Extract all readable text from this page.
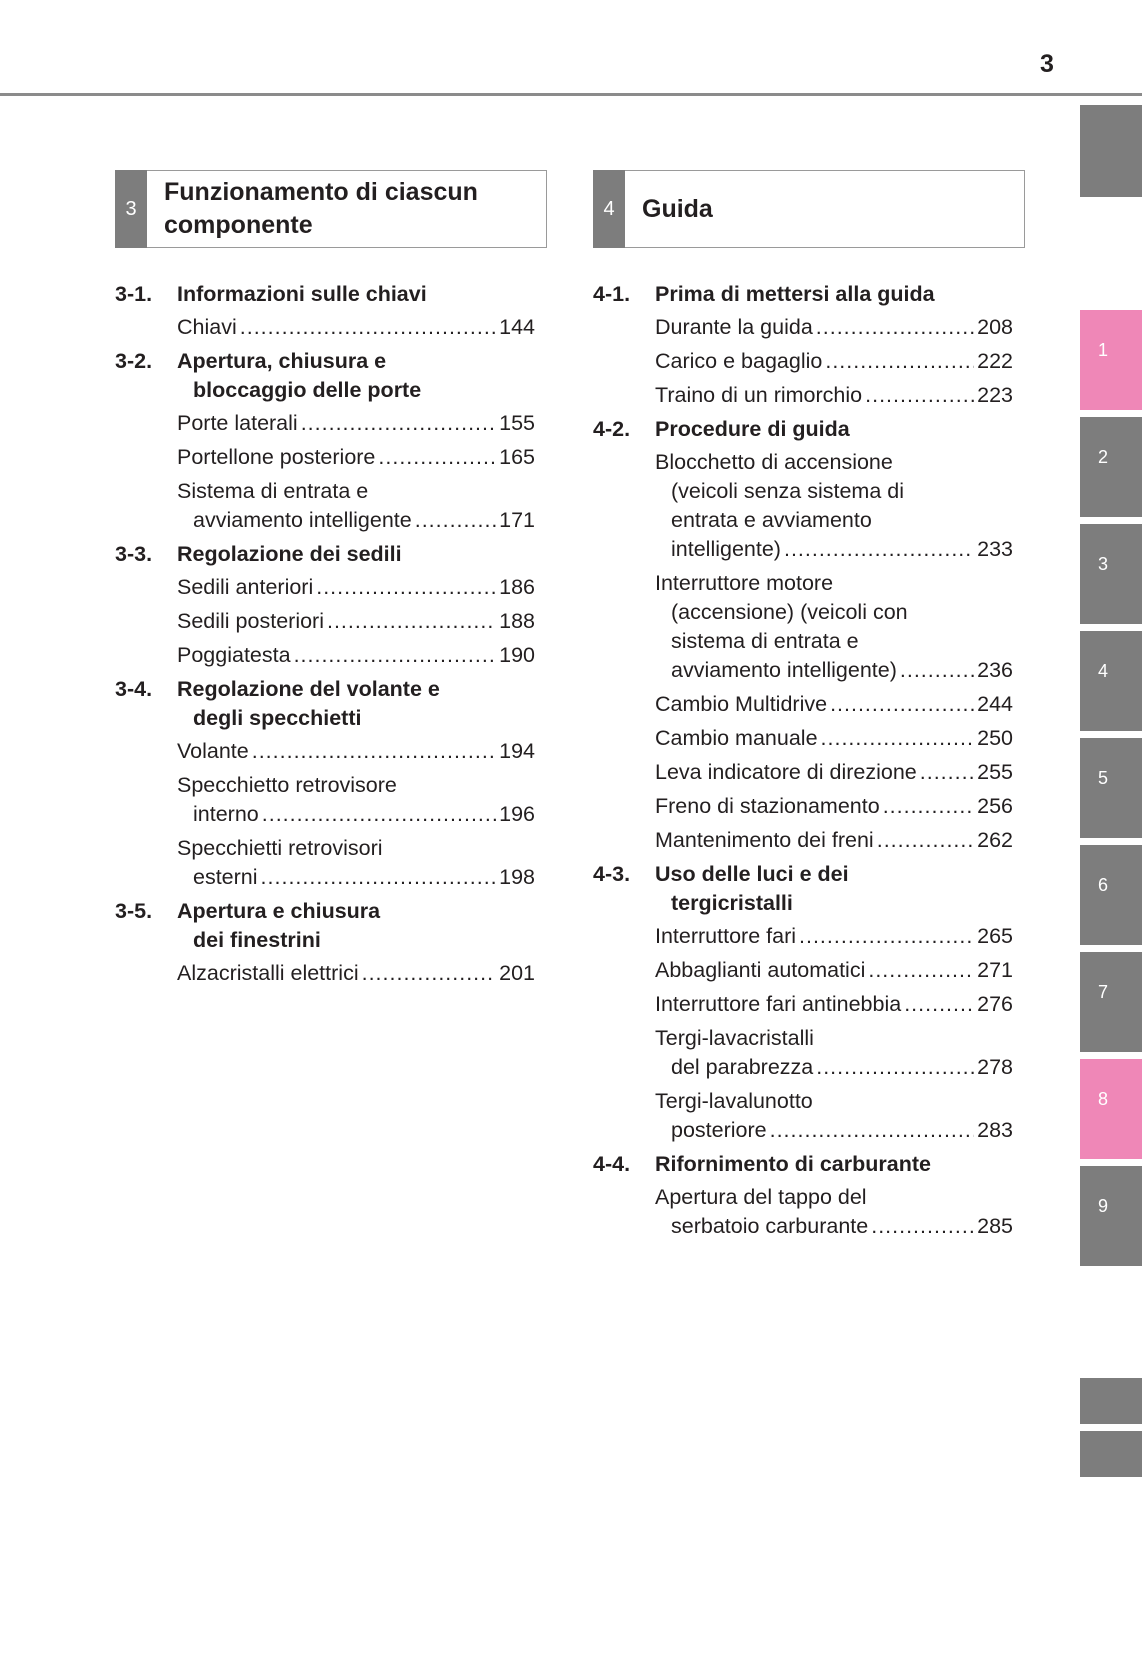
3
3
Funzionamento di ciascun componente
4	Guida
3-1. Informazioni sulle chiavi
Chiavi .....	144
3-2. Apertura, chiusura e
bloccaggio delle porte
Porte laterali .....	155
Portellone posteriore .....	165
Sistema di entrata e
avviamento intelligente .....	171
3-3. Regolazione dei sedili
Sedili anteriori .....	186
Sedili posteriori .....	188
Poggiatesta .....	190
3-4. Regolazione del volante e
degli specchietti
Volante .....	194
Specchietto retrovisore
interno .....	196
Specchietti retrovisori
esterni .....	198
3-5. Apertura e chiusura
dei finestrini
Alzacristalli elettrici .....	201
4-1. Prima di mettersi alla guida
Durante la guida .....	208
Carico e bagaglio .....	222
Traino di un rimorchio .....	223
4-2. Procedure di guida
Blocchetto di accensione
(veicoli senza sistema di
entrata e avviamento
intelligente) .....	233
Interruttore motore
(accensione) (veicoli con
sistema di entrata e
avviamento intelligente) .....	236
Cambio Multidrive .....	244
Cambio manuale .....	250
Leva indicatore di direzione .....	255
Freno di stazionamento .....	256
Mantenimento dei freni .....	262
4-3. Uso delle luci e dei
tergicristalli
Interruttore fari .....	265
Abbaglianti automatici .....	271
Interruttore fari antinebbia .....	276
Tergi-lavacristalli
del parabrezza .....	278
Tergi-lavalunotto
posteriore .....	283
4-4. Rifornimento di carburante
Apertura del tappo del
serbatoio carburante .....	285
1
2
3
4
5
6
7
8
9
